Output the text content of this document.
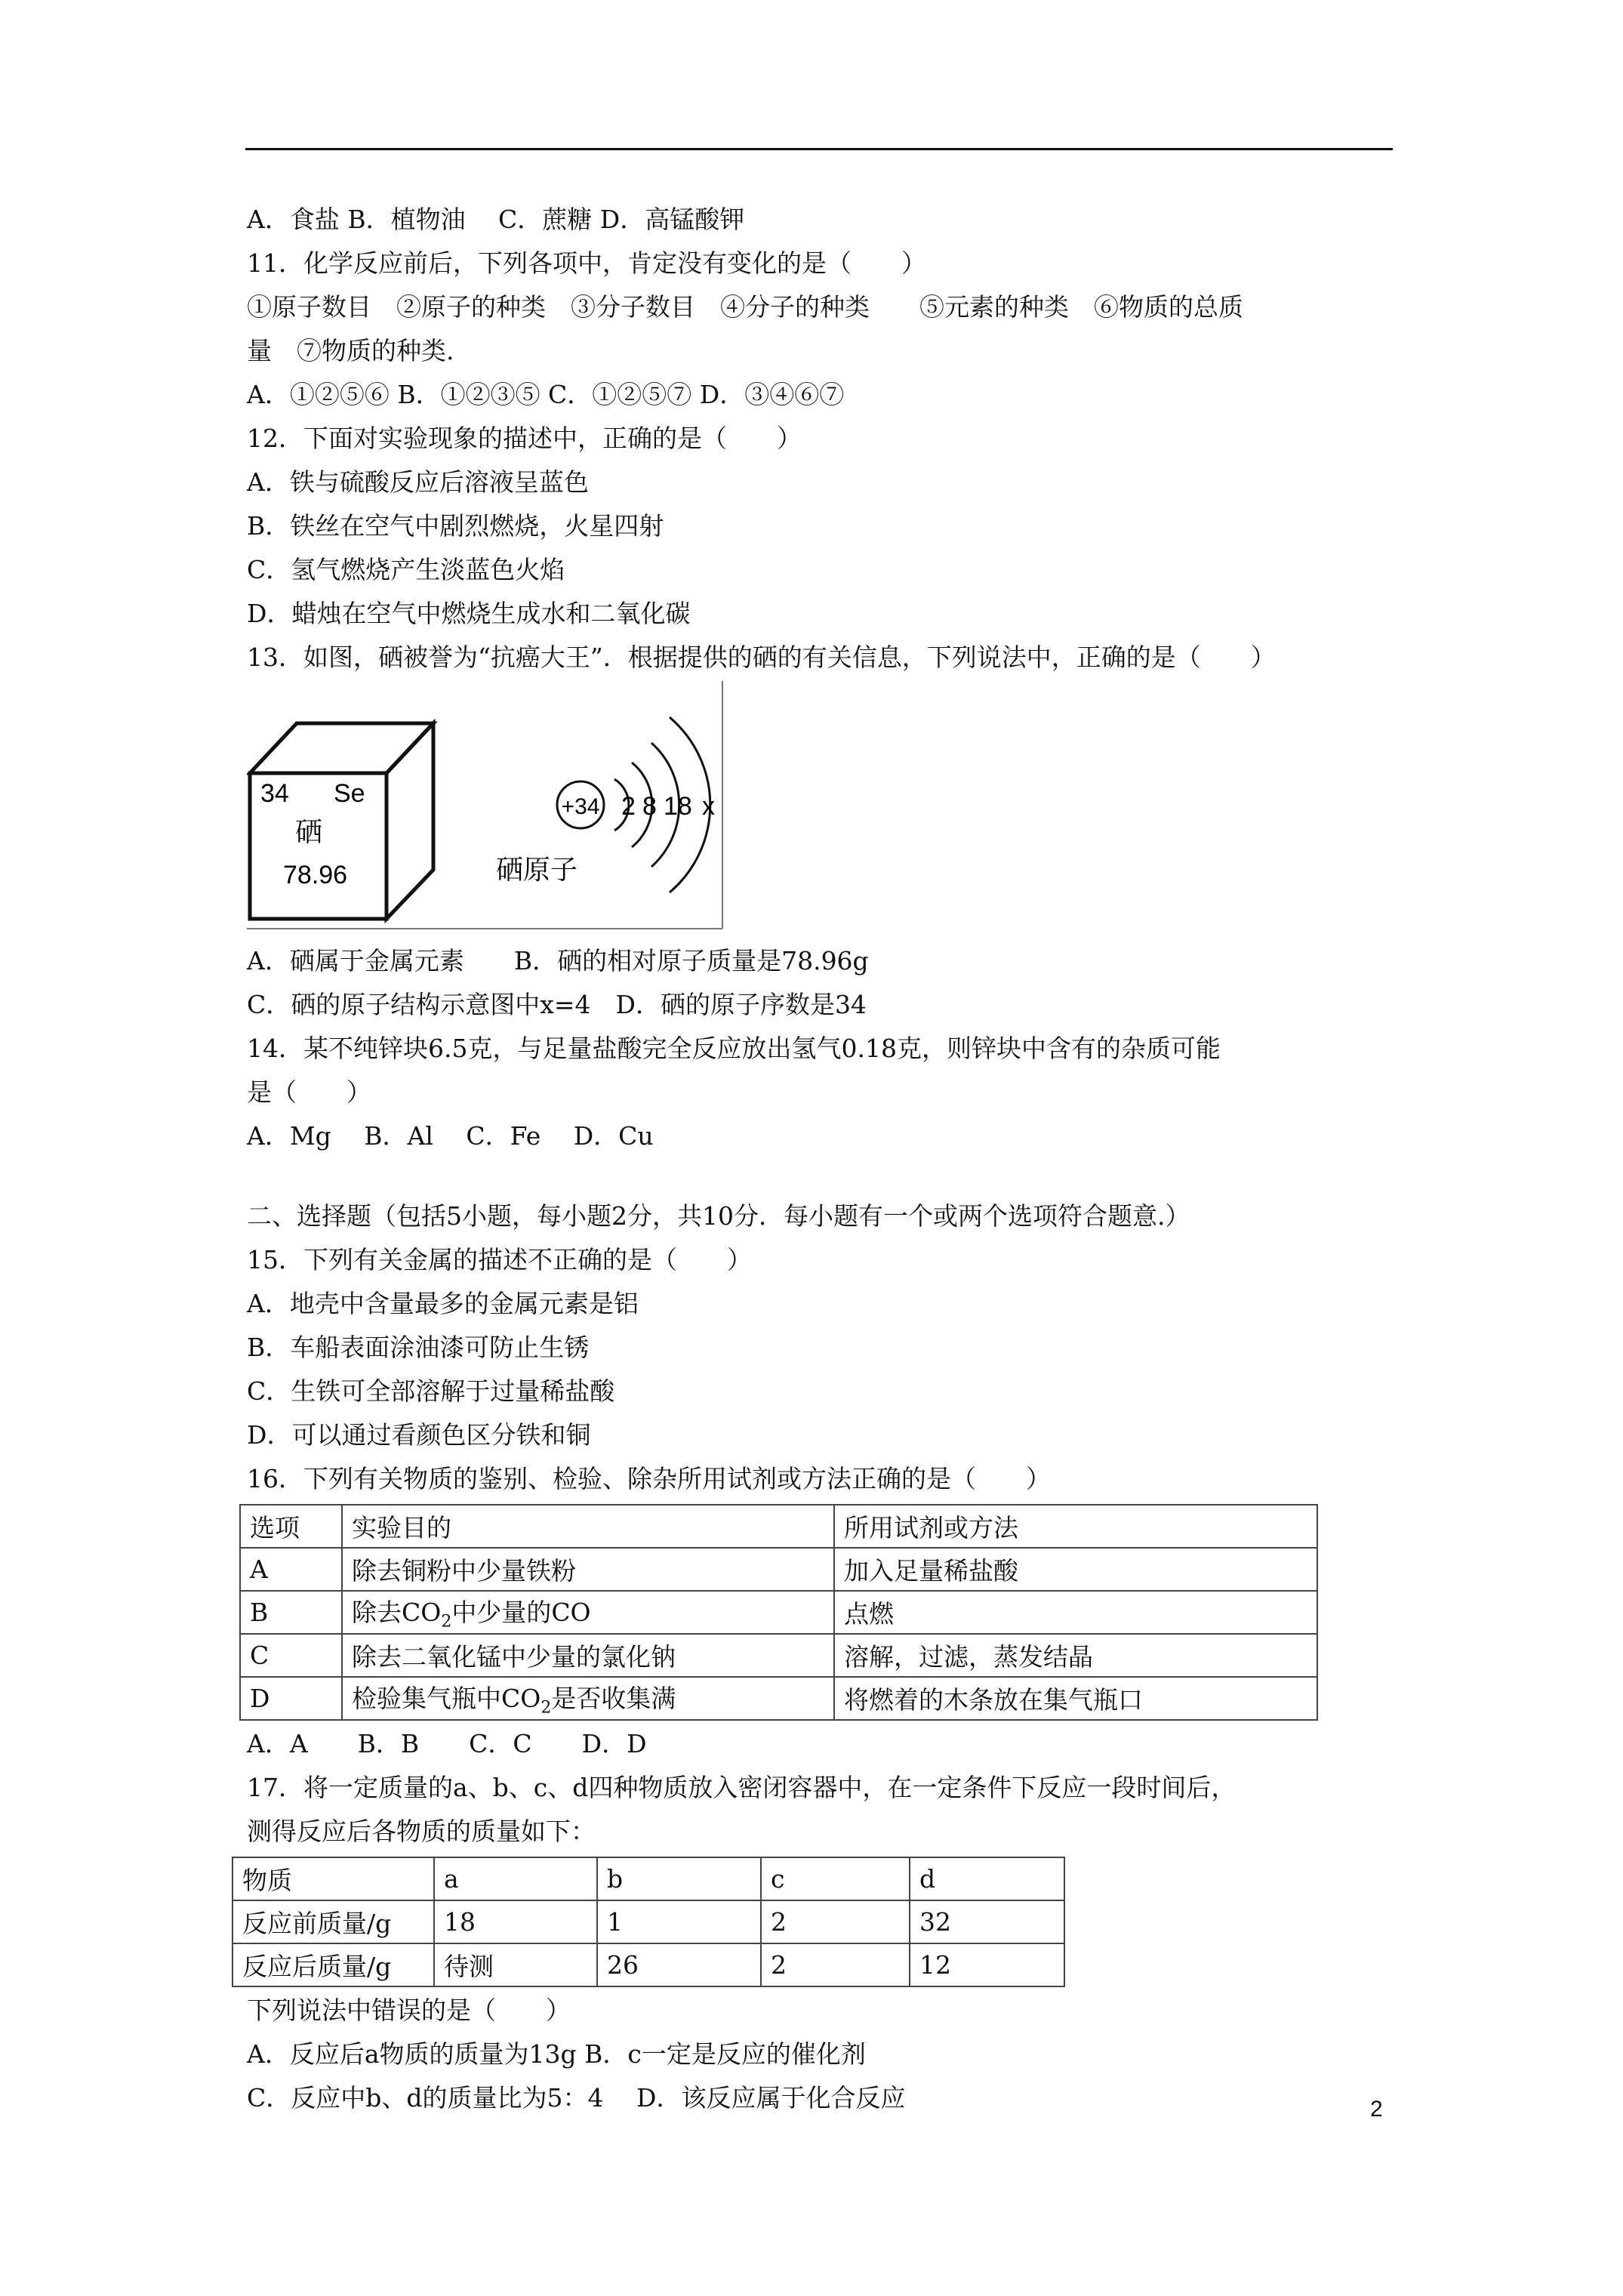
A．食盐 B．植物油　 C．蔗糖 D．高锰酸钾
11．化学反应前后，下列各项中，肯定没有变化的是（　　）
①原子数目　②原子的种类　③分子数目　④分子的种类　　⑤元素的种类　⑥物质的总质
量　⑦物质的种类.
A．①②⑤⑥ B．①②③⑤ C．①②⑤⑦ D．③④⑥⑦
12．下面对实验现象的描述中，正确的是（　　）
A．铁与硫酸反应后溶液呈蓝色
B．铁丝在空气中剧烈燃烧，火星四射
C．氢气燃烧产生淡蓝色火焰
D．蜡烛在空气中燃烧生成水和二氧化碳
13．如图，硒被誉为“抗癌大王”．根据提供的硒的有关信息，下列说法中，正确的是（　　）
34 Se
硒
78.96
+34 2 8 18 x
硒原子
A．硒属于金属元素　　B．硒的相对原子质量是78.96g
C．硒的原子结构示意图中x=4　D．硒的原子序数是34
14．某不纯锌块6.5克，与足量盐酸完全反应放出氢气0.18克，则锌块中含有的杂质可能
是（　　）
A．Mg　 B．Al　 C．Fe　 D．Cu
二、选择题（包括5小题，每小题2分，共10分．每小题有一个或两个选项符合题意.）
15．下列有关金属的描述不正确的是（　　）
A．地壳中含量最多的金属元素是铝
B．车船表面涂油漆可防止生锈
C．生铁可全部溶解于过量稀盐酸
D．可以通过看颜色区分铁和铜
16．下列有关物质的鉴别、检验、除杂所用试剂或方法正确的是（　　）
选项	实验目的	所用试剂或方法
A	除去铜粉中少量铁粉	加入足量稀盐酸
B	除去$CO_2$中少量的CO	点燃
C	除去二氧化锰中少量的氯化钠	溶解，过滤，蒸发结晶
D	检验集气瓶中$CO_2$是否收集满	将燃着的木条放在集气瓶口
A．A　　B．B　　C．C　　D．D
17．将一定质量的a、b、c、d四种物质放入密闭容器中，在一定条件下反应一段时间后，
测得反应后各物质的质量如下：
物质	a	b	c	d
反应前质量/g	18	1	2	32
反应后质量/g	待测	26	2	12
下列说法中错误的是（　　）
A．反应后a物质的质量为13g B．c一定是反应的催化剂
C．反应中b、d的质量比为5：4　 D．该反应属于化合反应	2
